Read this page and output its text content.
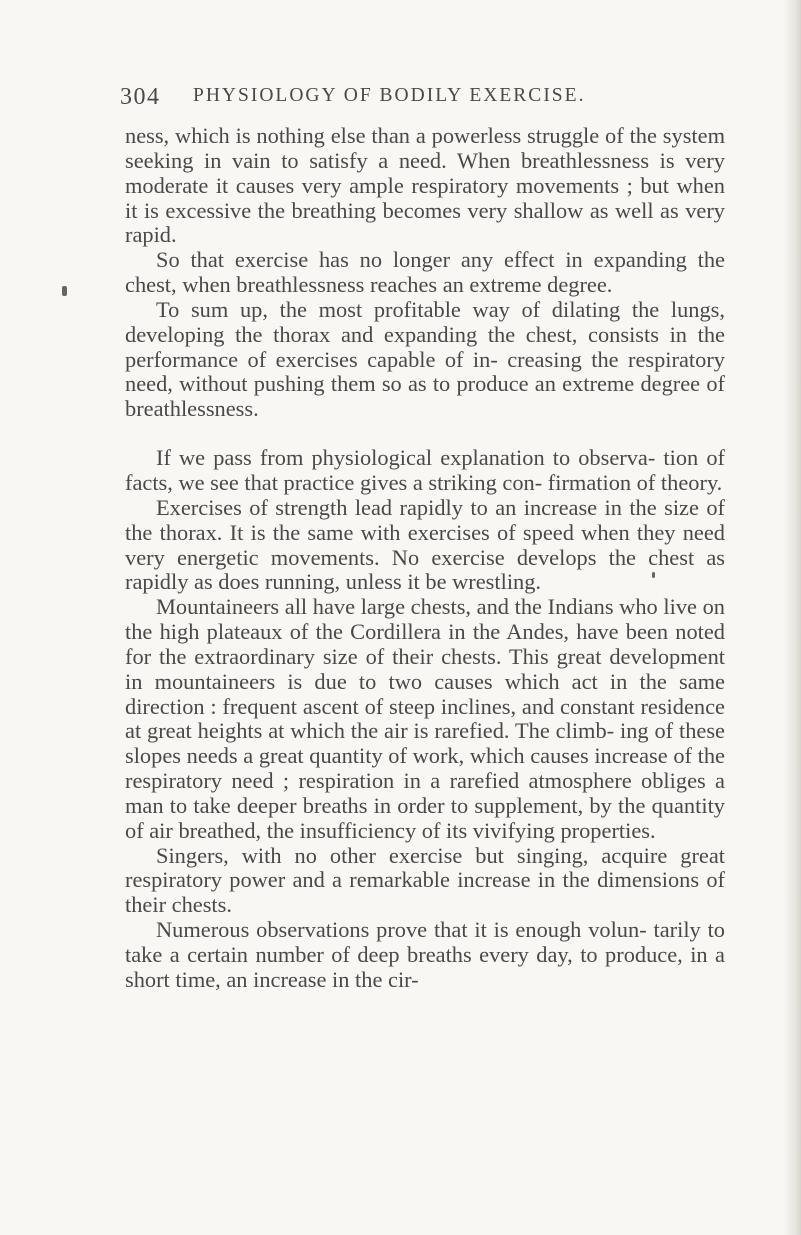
304 PHYSIOLOGY OF BODILY EXERCISE.

ness, which is nothing else than a powerless struggle of the system seeking in vain to satisfy a need. When breathlessness is very moderate it causes very ample respiratory movements ; but when it is excessive the breathing becomes very shallow as well as very rapid.

So that exercise has no longer any effect in expanding the chest, when breathlessness reaches an extreme degree.

To sum up, the most profitable way of dilating the lungs, developing the thorax and expanding the chest, consists in the performance of exercises capable of in- creasing the respiratory need, without pushing them so as to produce an extreme degree of breathlessness.

If we pass from physiological explanation to observa- tion of facts, we see that practice gives a striking con- firmation of theory.

Exercises of strength lead rapidly to an increase in the size of the thorax. It is the same with exercises of speed when they need very energetic movements. No exercise develops the chest as rapidly as does running, unless it be wrestling.

Mountaineers all have large chests, and the Indians who live on the high plateaux of the Cordillera in the Andes, have been noted for the extraordinary size of their chests. This great development in mountaineers is due to two causes which act in the same direction : frequent ascent of steep inclines, and constant residence at great heights at which the air is rarefied. The climb- ing of these slopes needs a great quantity of work, which causes increase of the respiratory need ; respiration in a rarefied atmosphere obliges a man to take deeper breaths in order to supplement, by the quantity of air breathed, the insufficiency of its vivifying properties.

Singers, with no other exercise but singing, acquire great respiratory power and a remarkable increase in the dimensions of their chests.

Numerous observations prove that it is enough volun- tarily to take a certain number of deep breaths every day, to produce, in a short time, an increase in the cir-
